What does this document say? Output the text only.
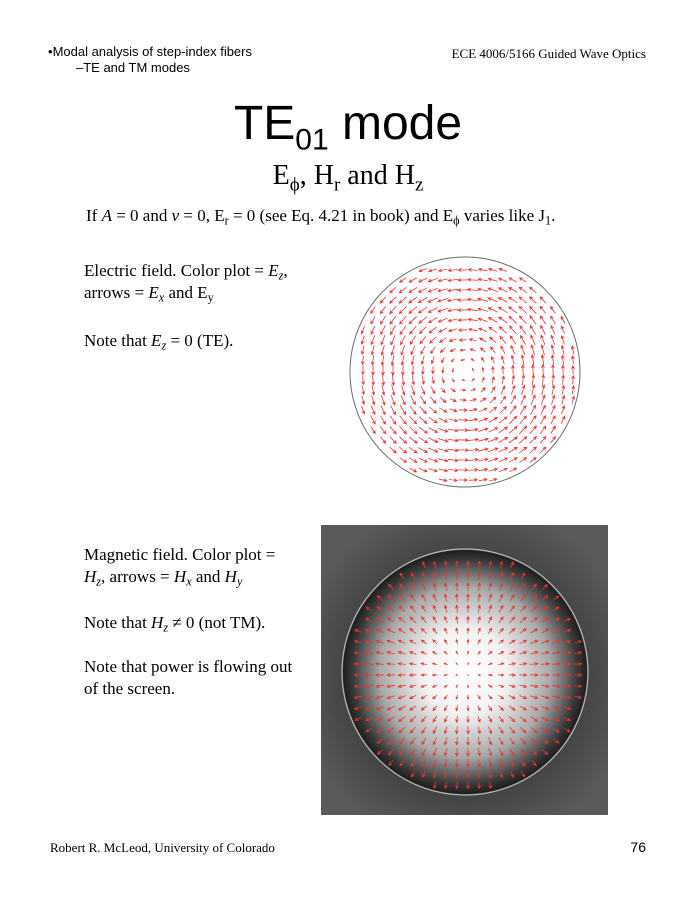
•Modal analysis of step-index fibers
–TE and TM modes
ECE 4006/5166 Guided Wave Optics
$TE_{01}$ mode
$E_\phi$, $H_r$ and $H_z$
If A = 0 and ν = 0, $E_r = 0$ (see Eq. 4.21 in book) and $E_\phi$ varies like $J_1$.

Electric field. Color plot = $E_z$,

arrows = $E_x$ and $E_y$

Note that $E_z = 0$ (TE).

Magnetic field. Color plot =

$H_z$, arrows = $H_x$ and $H_y$

Note that $H_z \ne 0$ (not TM).

Note that power is flowing out

of the screen.

Robert R. McLeod, University of Colorado	76
